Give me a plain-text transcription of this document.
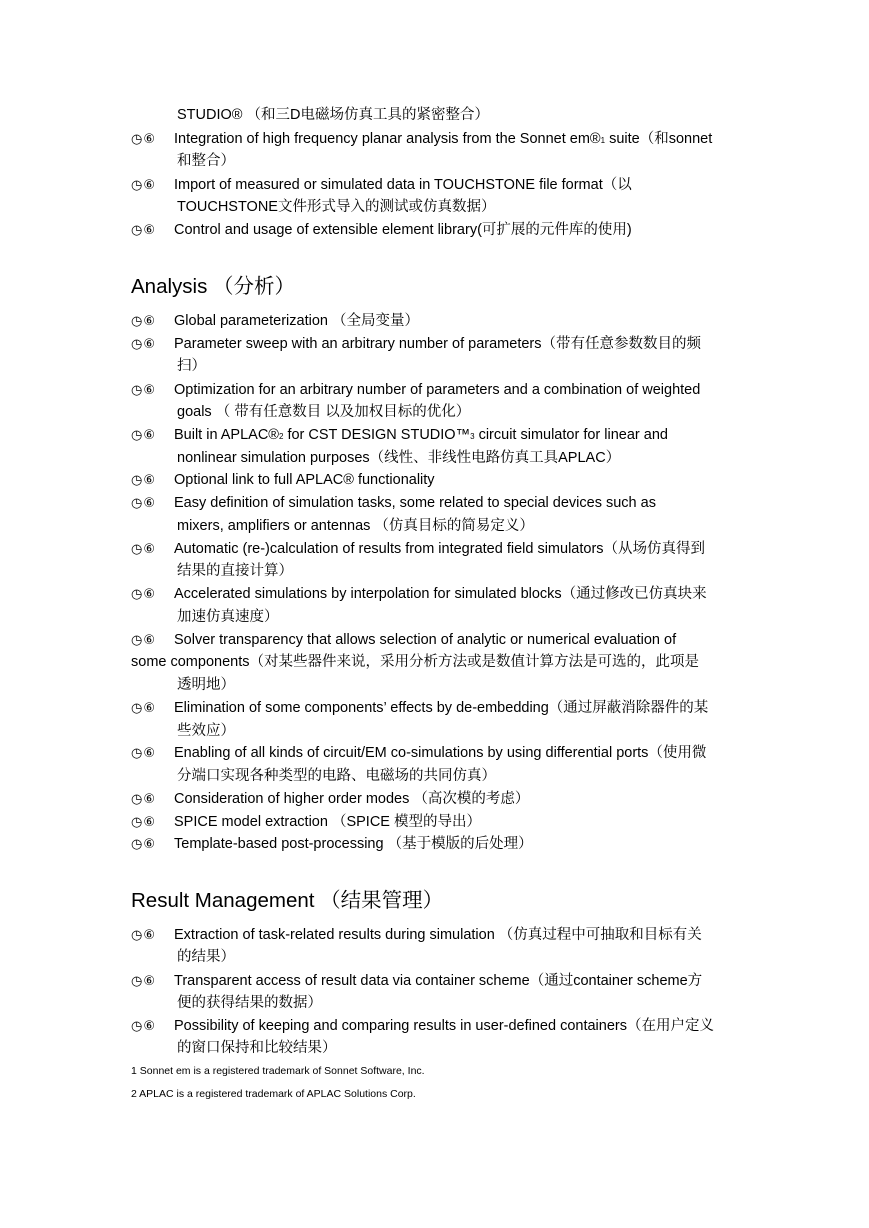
STUDIO® （和三D电磁场仿真工具的紧密整合）
◷⑥ Integration of high frequency planar analysis from the Sonnet em®1 suite（和sonnet
和整合）
◷⑥ Import of measured or simulated data in TOUCHSTONE file format（以
TOUCHSTONE文件形式导入的测试或仿真数据）
◷⑥ Control and usage of extensible element library(可扩展的元件库的使用)
Analysis （分析）
◷⑥ Global parameterization （全局变量）
◷⑥ Parameter sweep with an arbitrary number of parameters（带有任意参数数目的频
扫）
◷⑥ Optimization for an arbitrary number of parameters and a combination of weighted
goals （ 带有任意数目 以及加权目标的优化）
◷⑥ Built in APLAC®2 for CST DESIGN STUDIO™3 circuit simulator for linear and
nonlinear simulation purposes（线性、非线性电路仿真工具APLAC）
◷⑥ Optional link to full APLAC® functionality
◷⑥ Easy definition of simulation tasks, some related to special devices such as
mixers, amplifiers or antennas （仿真目标的简易定义）
◷⑥ Automatic (re-)calculation of results from integrated field simulators（从场仿真得到
结果的直接计算）
◷⑥ Accelerated simulations by interpolation for simulated blocks（通过修改已仿真块来
加速仿真速度）
◷⑥ Solver transparency that allows selection of analytic or numerical evaluation of
some components（对某些器件来说，采用分析方法或是数值计算方法是可选的，此项是
透明地）
◷⑥ Elimination of some components’ effects by de-embedding（通过屏蔽消除器件的某
些效应）
◷⑥ Enabling of all kinds of circuit/EM co-simulations by using differential ports（使用微
分端口实现各种类型的电路、电磁场的共同仿真）
◷⑥ Consideration of higher order modes （高次模的考虑）
◷⑥ SPICE model extraction （SPICE 模型的导出）
◷⑥ Template-based post-processing （基于模版的后处理）
Result Management （结果管理）
◷⑥ Extraction of task-related results during simulation （仿真过程中可抽取和目标有关
的结果）
◷⑥ Transparent access of result data via container scheme（通过container scheme方
便的获得结果的数据）
◷⑥ Possibility of keeping and comparing results in user-defined containers（在用户定义
的窗口保持和比较结果）
1 Sonnet em is a registered trademark of Sonnet Software, Inc.
2 APLAC is a registered trademark of APLAC Solutions Corp.
